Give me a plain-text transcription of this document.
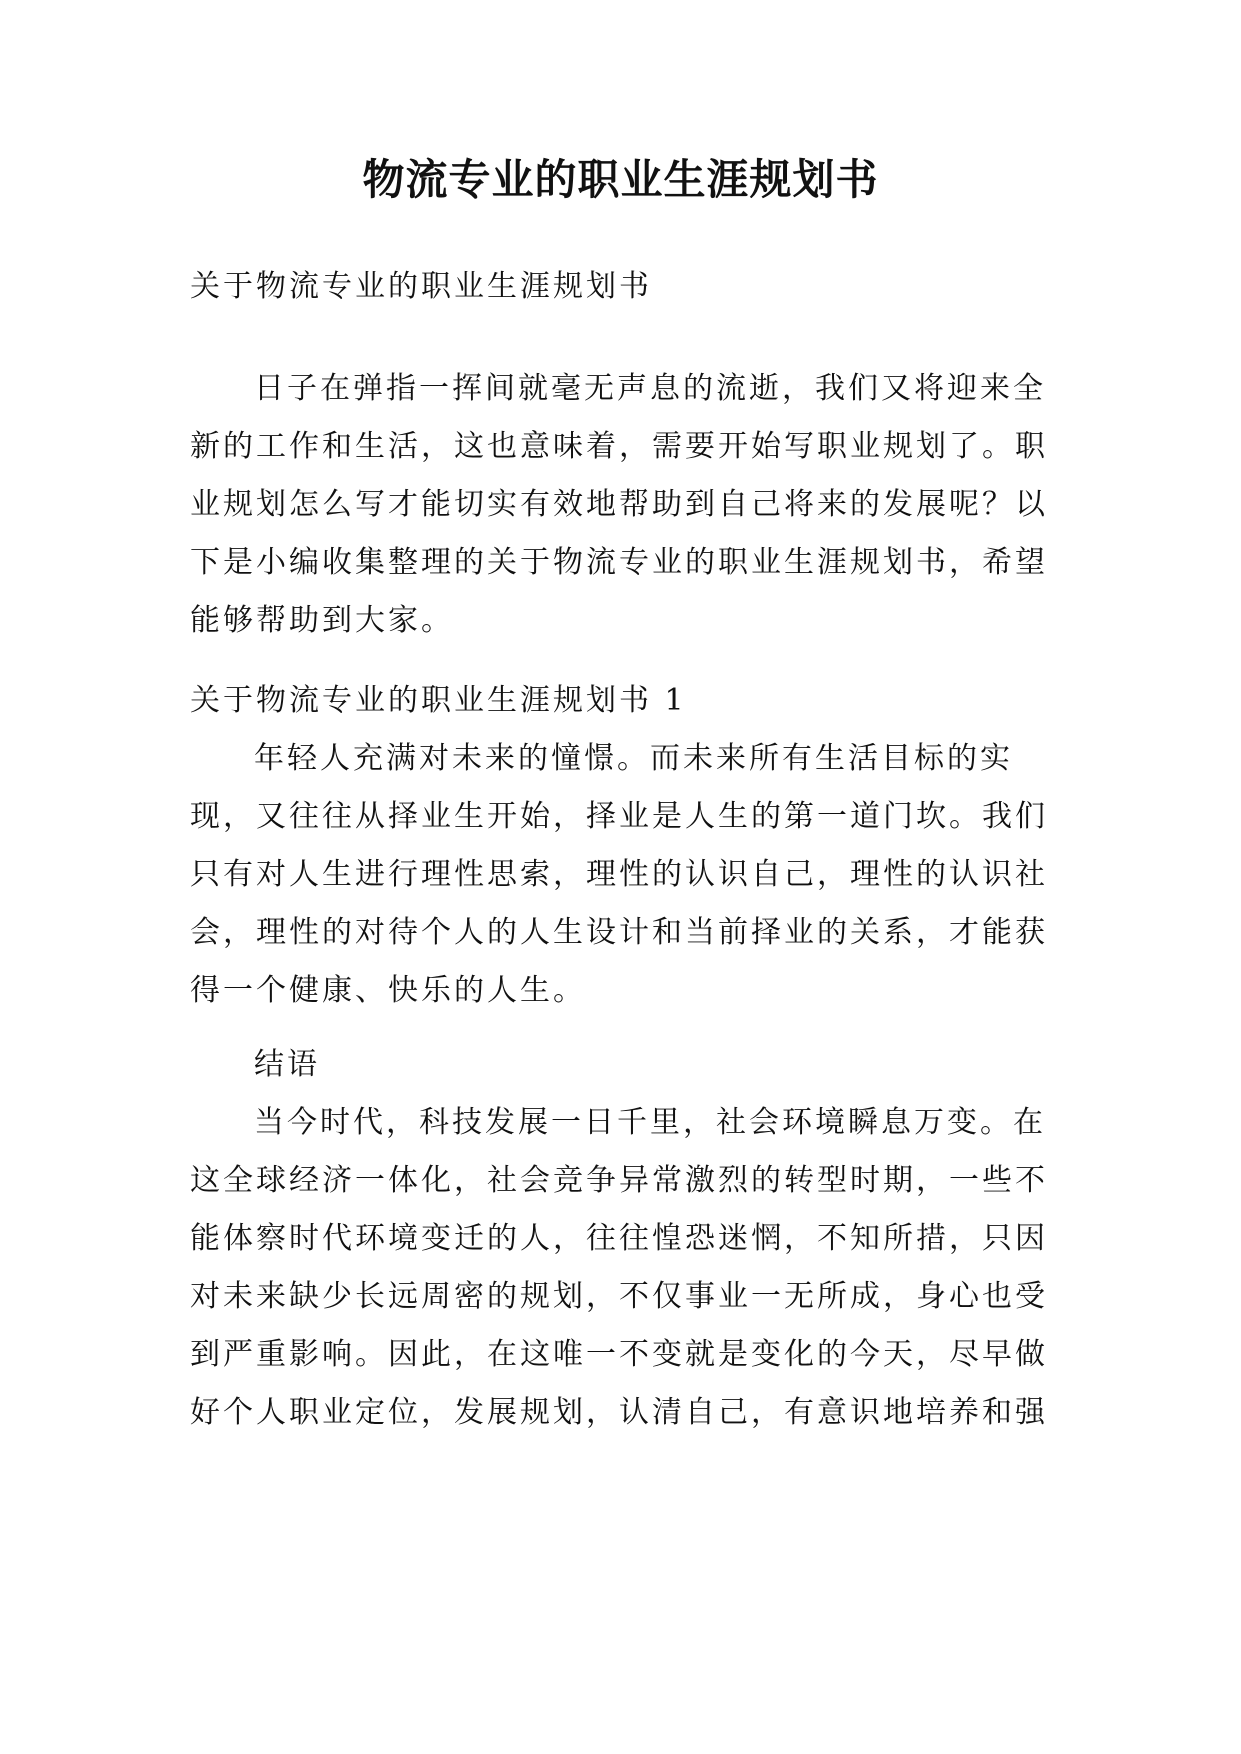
物流专业的职业生涯规划书

关于物流专业的职业生涯规划书

日子在弹指一挥间就毫无声息的流逝，我们又将迎来全新的工作和生活，这也意味着，需要开始写职业规划了。职业规划怎么写才能切实有效地帮助到自己将来的发展呢？以下是小编收集整理的关于物流专业的职业生涯规划书，希望能够帮助到大家。

关于物流专业的职业生涯规划书 1

年轻人充满对未来的憧憬。而未来所有生活目标的实现，又往往从择业生开始，择业是人生的第一道门坎。我们只有对人生进行理性思索，理性的认识自己，理性的认识社会，理性的对待个人的人生设计和当前择业的关系，才能获得一个健康、快乐的人生。

结语

当今时代，科技发展一日千里，社会环境瞬息万变。在这全球经济一体化，社会竞争异常激烈的转型时期，一些不能体察时代环境变迁的人，往往惶恐迷惘，不知所措，只因对未来缺少长远周密的规划，不仅事业一无所成，身心也受到严重影响。因此，在这唯一不变就是变化的今天，尽早做好个人职业定位，发展规划，认清自己，有意识地培养和强
